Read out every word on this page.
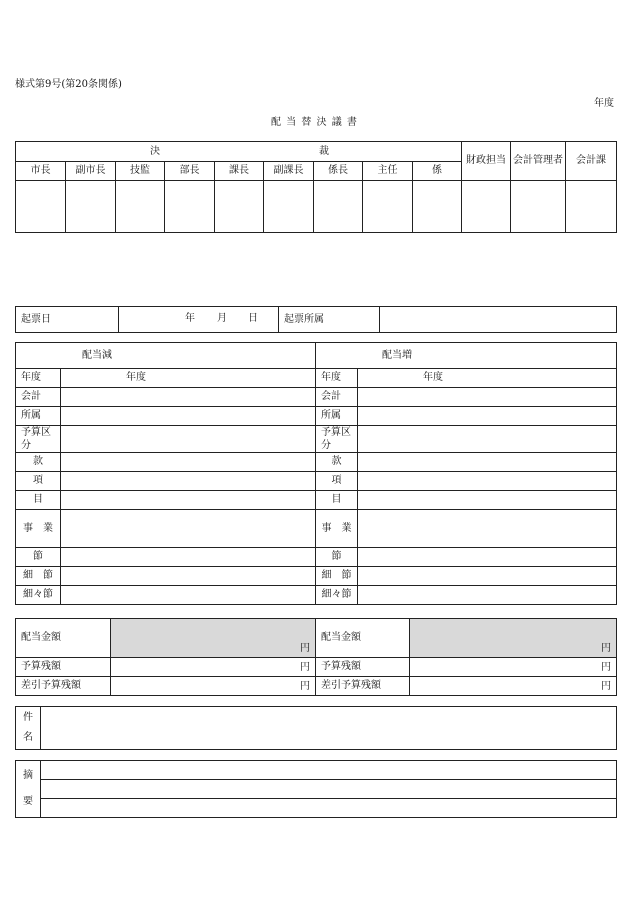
様式第9号(第20条関係)
年度
配 当 替 決 議 書
決 裁									財政担当	会計管理者	会計課
市長	副市長	技監	部長	課長	副課長	係長	主任	係			

起票日	年 月 日	起票所属	
配当減		配当増	
年度	年度	年度	年度
会計		会計	
所属		所属	
予算区分		予算区分	
款		款	
項		項	
目		目	
事　業		事　業	
節		節	
細　節		細　節	
細々節		細々節	
配当金額	円	配当金額	円
予算残額	円	予算残額	円
差引予算残額	円	差引予算残額	円
件
名

摘
要
